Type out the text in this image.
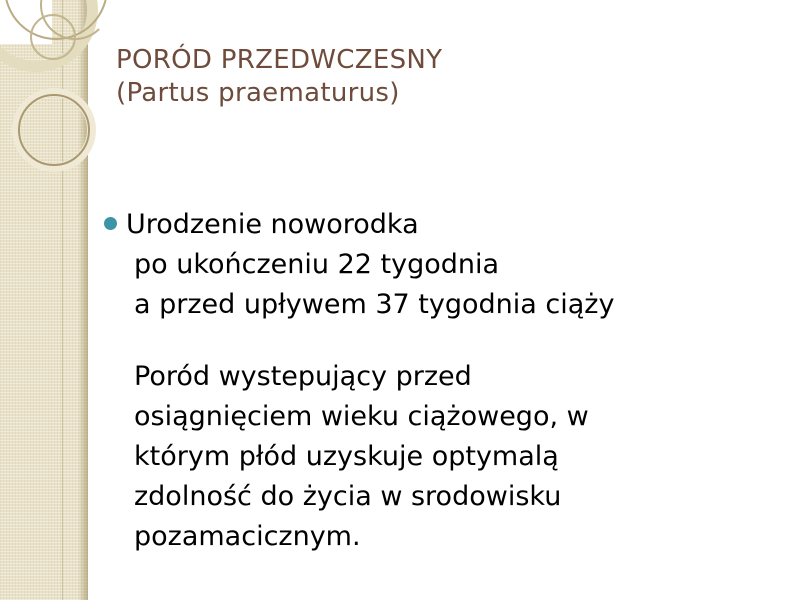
PORÓD PRZEDWCZESNY
(Partus praematurus)
Urodzenie noworodka
po ukończeniu 22 tygodnia
a przed upływem 37 tygodnia ciąży
Poród wystepujący przed
osiągnięciem wieku ciążowego, w
którym płód uzyskuje optymalą
zdolność do życia w srodowisku
pozamacicznym.
